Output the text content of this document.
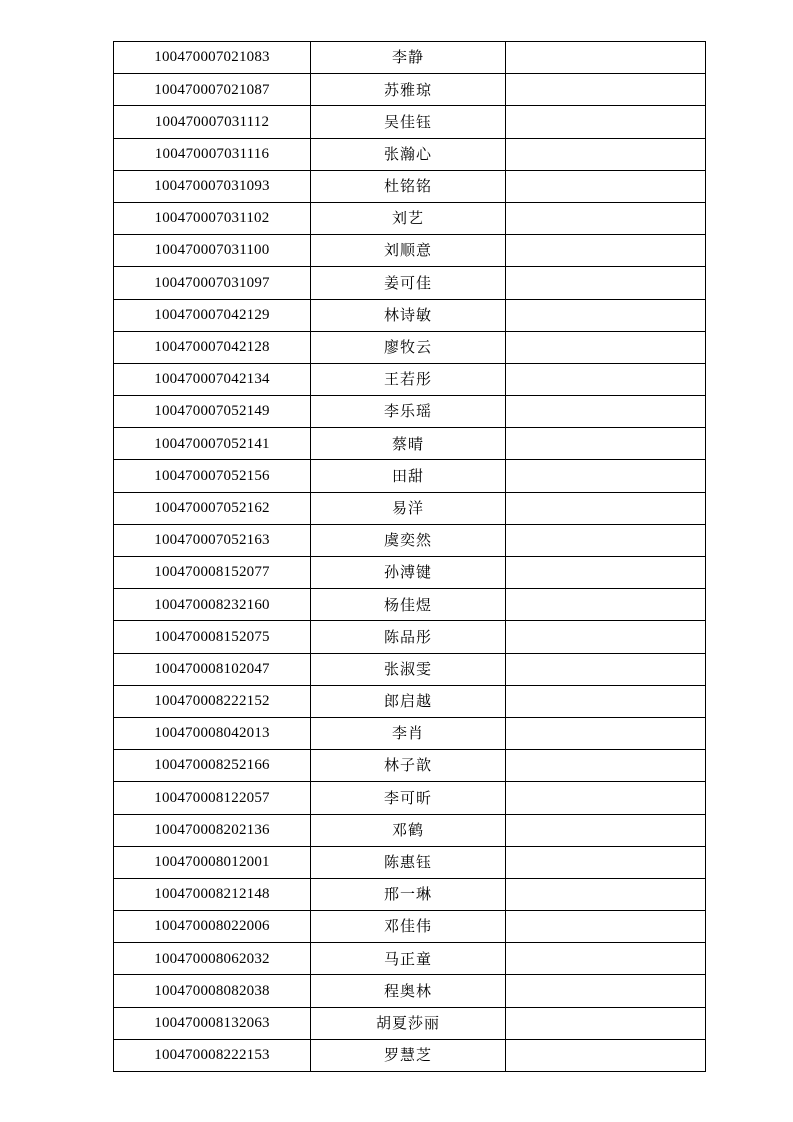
100470007021083	李静	
100470007021087	苏雅琼	
100470007031112	吴佳钰	
100470007031116	张瀚心	
100470007031093	杜铭铭	
100470007031102	刘艺	
100470007031100	刘顺意	
100470007031097	姜可佳	
100470007042129	林诗敏	
100470007042128	廖牧云	
100470007042134	王若彤	
100470007052149	李乐瑶	
100470007052141	蔡晴	
100470007052156	田甜	
100470007052162	易洋	
100470007052163	虞奕然	
100470008152077	孙溥键	
100470008232160	杨佳煜	
100470008152075	陈品彤	
100470008102047	张淑雯	
100470008222152	郎启越	
100470008042013	李肖	
100470008252166	林子歆	
100470008122057	李可昕	
100470008202136	邓鹤	
100470008012001	陈惠钰	
100470008212148	邢一琳	
100470008022006	邓佳伟	
100470008062032	马正童	
100470008082038	程奥林	
100470008132063	胡夏莎丽	
100470008222153	罗慧芝	
